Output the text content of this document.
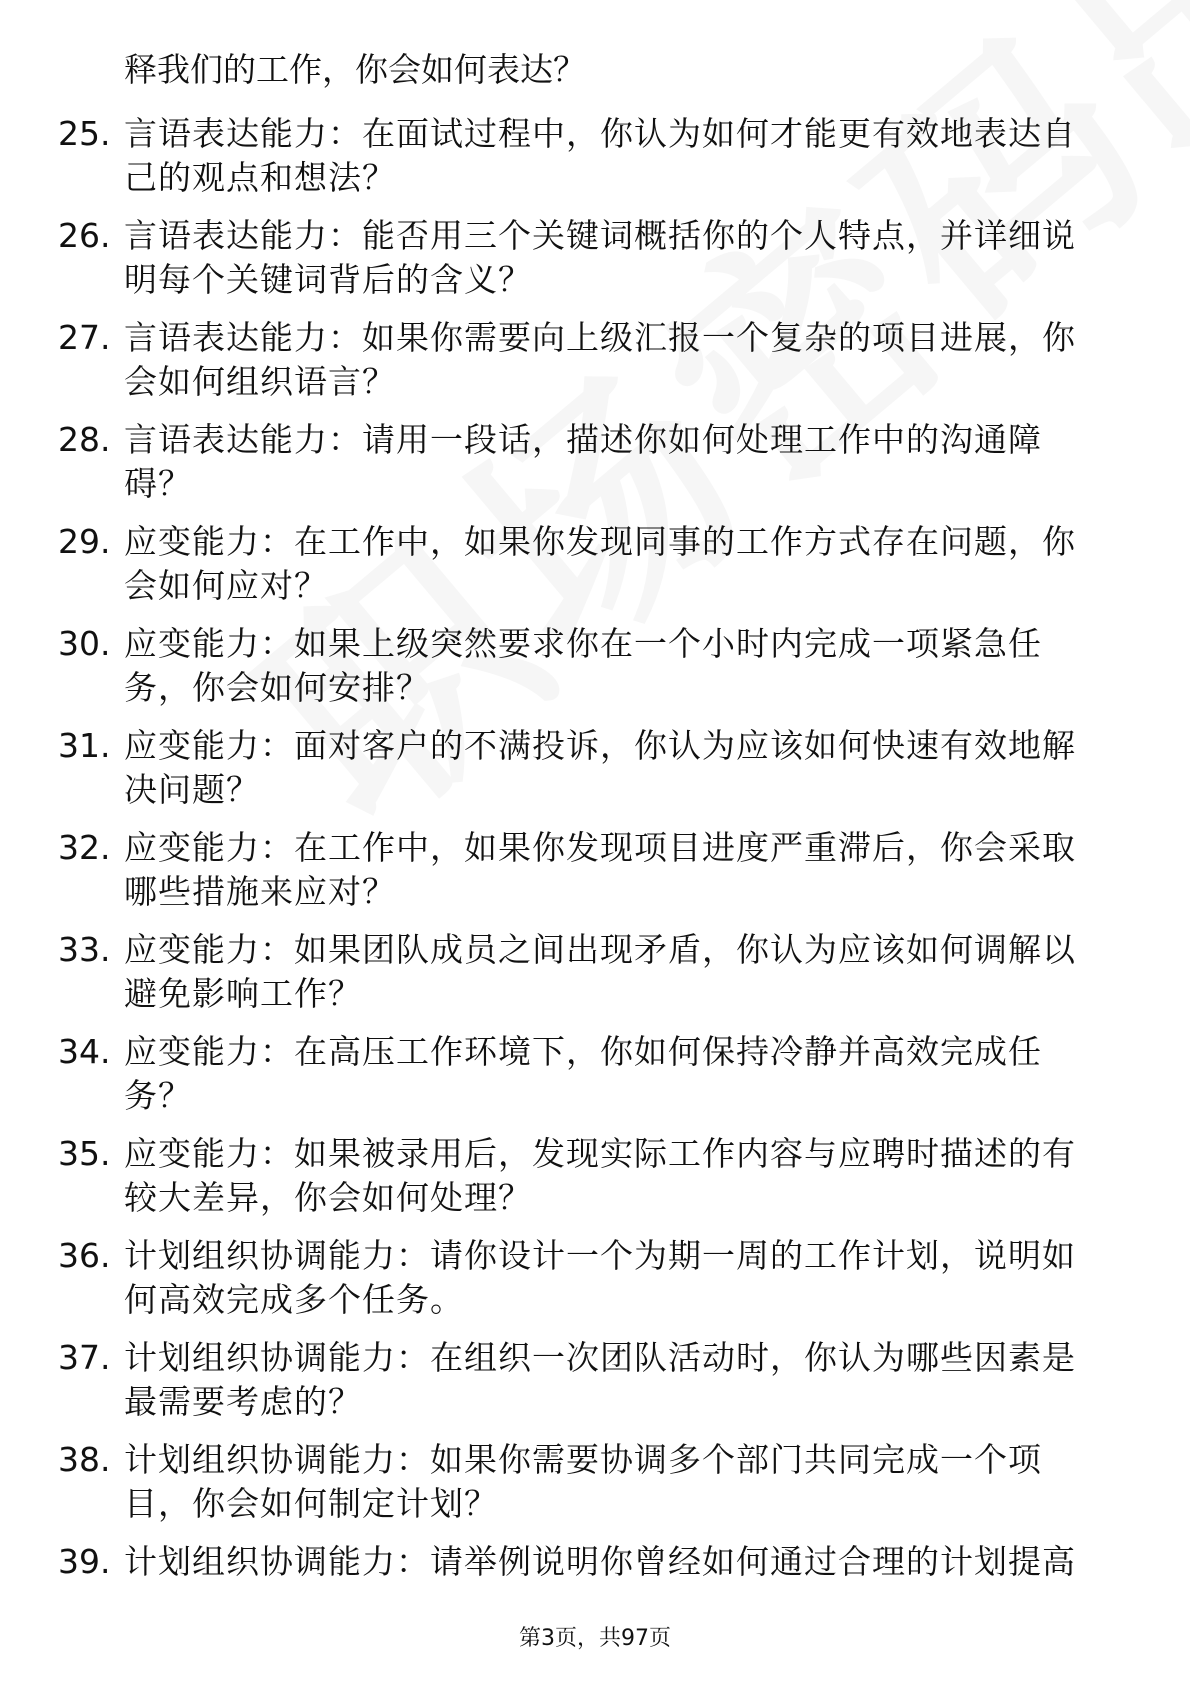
释我们的工作，你会如何表达？

25. 言语表达能力：在面试过程中，你认为如何才能更有效地表达自己的观点和想法？
26. 言语表达能力：能否用三个关键词概括你的个人特点，并详细说明每个关键词背后的含义？
27. 言语表达能力：如果你需要向上级汇报一个复杂的项目进展，你会如何组织语言？
28. 言语表达能力：请用一段话，描述你如何处理工作中的沟通障碍？
29. 应变能力：在工作中，如果你发现同事的工作方式存在问题，你会如何应对？
30. 应变能力：如果上级突然要求你在一个小时内完成一项紧急任务，你会如何安排？
31. 应变能力：面对客户的不满投诉，你认为应该如何快速有效地解决问题？
32. 应变能力：在工作中，如果你发现项目进度严重滞后，你会采取哪些措施来应对？
33. 应变能力：如果团队成员之间出现矛盾，你认为应该如何调解以避免影响工作？
34. 应变能力：在高压工作环境下，你如何保持冷静并高效完成任务？
35. 应变能力：如果被录用后，发现实际工作内容与应聘时描述的有较大差异，你会如何处理？
36. 计划组织协调能力：请你设计一个为期一周的工作计划，说明如何高效完成多个任务。
37. 计划组织协调能力：在组织一次团队活动时，你认为哪些因素是最需要考虑的？
38. 计划组织协调能力：如果你需要协调多个部门共同完成一个项目，你会如何制定计划？
39. 计划组织协调能力：请举例说明你曾经如何通过合理的计划提高
第3页，共97页
